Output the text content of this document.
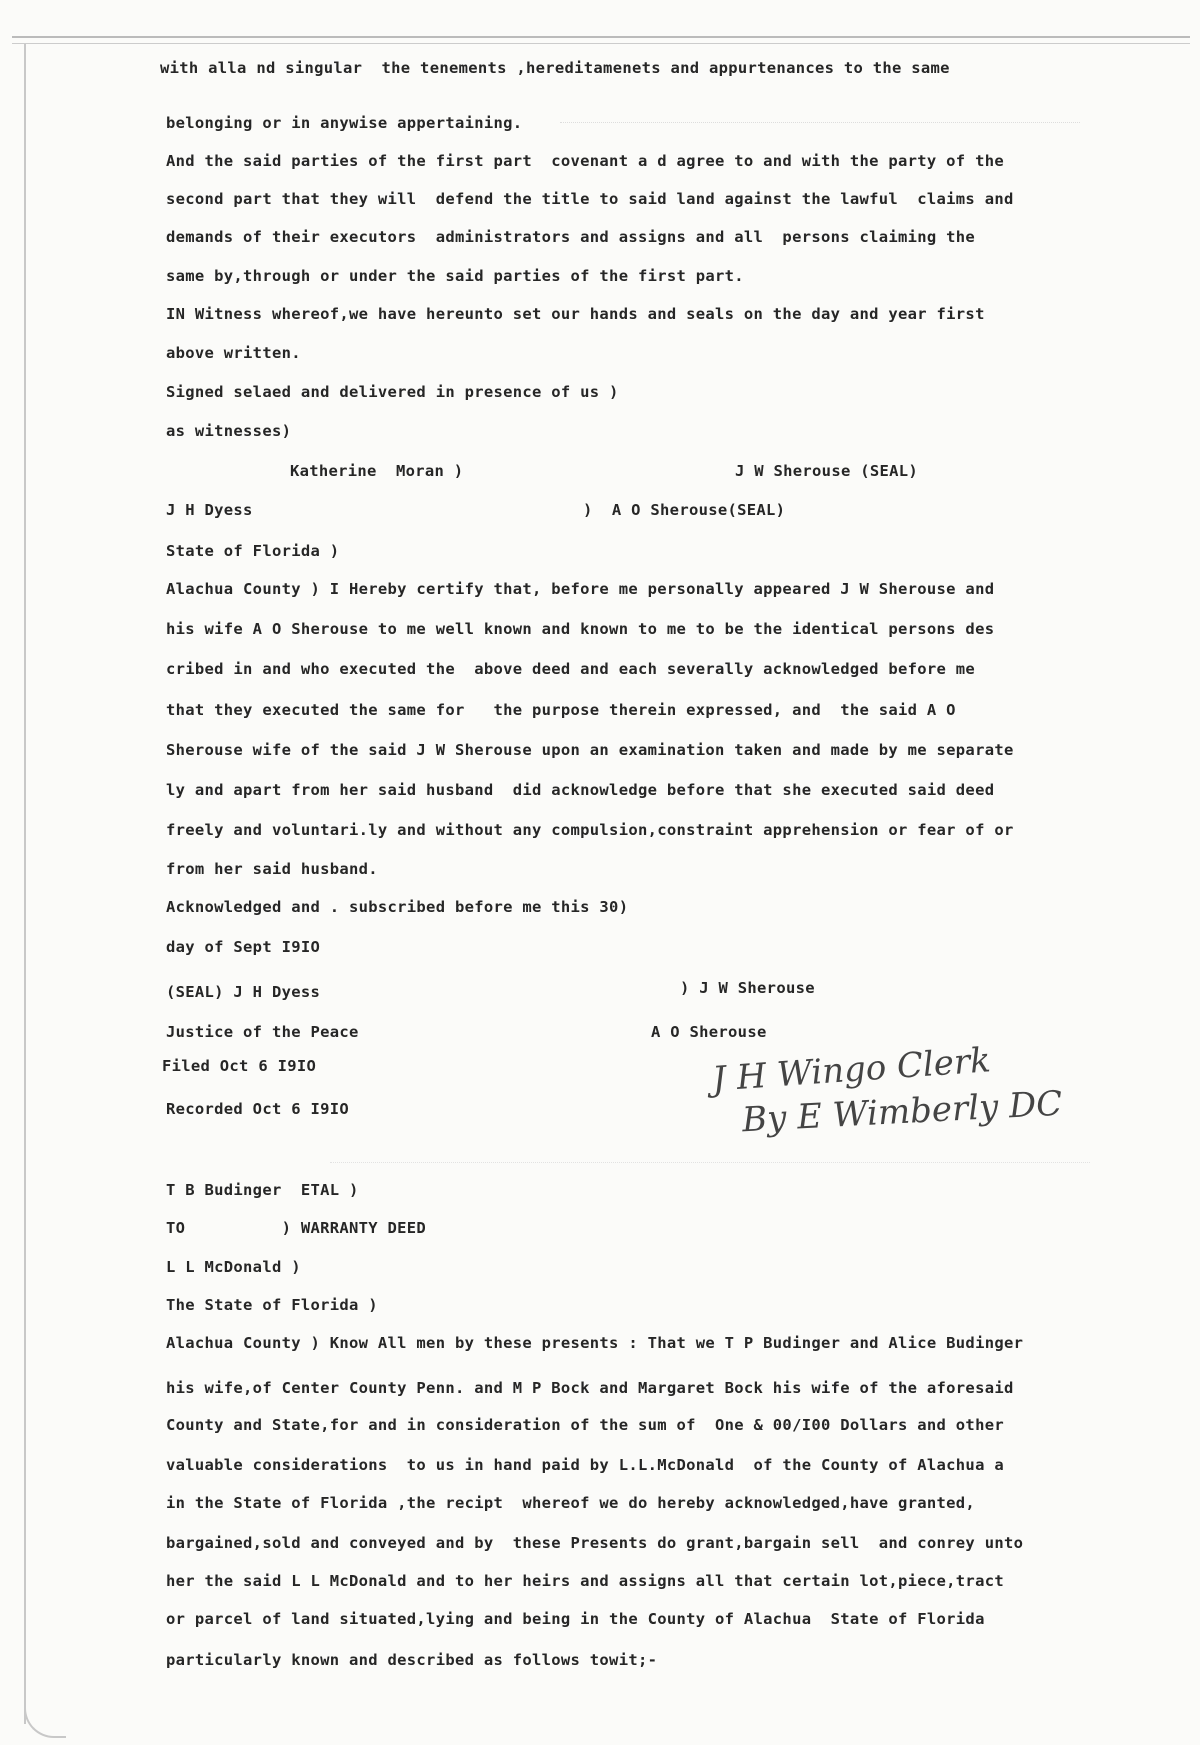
with alla nd singular  the tenements ,hereditamenets and appurtenances to the same
belonging or in anywise appertaining.
And the said parties of the first part  covenant a d agree to and with the party of the
second part that they will  defend the title to said land against the lawful  claims and
demands of their executors  administrators and assigns and all  persons claiming the
same by,through or under the said parties of the first part.
IN Witness whereof,we have hereunto set our hands and seals on the day and year first
above written.
Signed selaed and delivered in presence of us )
as witnesses)
Katherine  Moran )	J W Sherouse (SEAL)
J H Dyess	)  A O Sherouse(SEAL)
State of Florida )
Alachua County ) I Hereby certify that, before me personally appeared J W Sherouse and
his wife A O Sherouse to me well known and known to me to be the identical persons des
cribed in and who executed the  above deed and each severally acknowledged before me
that they executed the same for   the purpose therein expressed, and  the said A O
Sherouse wife of the said J W Sherouse upon an examination taken and made by me separate
ly and apart from her said husband  did acknowledge before that she executed said deed
freely and voluntari.ly and without any compulsion,constraint apprehension or fear of or
from her said husband.
Acknowledged and . subscribed before me this 30)
day of Sept I9IO
(SEAL) J H Dyess	) J W Sherouse
Justice of the Peace	A O Sherouse
Filed Oct 6 I9IO
Recorded Oct 6 I9IO
T B Budinger  ETAL )
TO          ) WARRANTY DEED
L L McDonald )
The State of Florida )
Alachua County ) Know All men by these presents : That we T P Budinger and Alice Budinger
his wife,of Center County Penn. and M P Bock and Margaret Bock his wife of the aforesaid
County and State,for and in consideration of the sum of  One & 00/I00 Dollars and other
valuable considerations  to us in hand paid by L.L.McDonald  of the County of Alachua a
in the State of Florida ,the recipt  whereof we do hereby acknowledged,have granted,
bargained,sold and conveyed and by  these Presents do grant,bargain sell  and conrey unto
her the said L L McDonald and to her heirs and assigns all that certain lot,piece,tract
or parcel of land situated,lying and being in the County of Alachua  State of Florida
particularly known and described as follows towit;-
J H Wingo Clerk
By E Wimberly DC
